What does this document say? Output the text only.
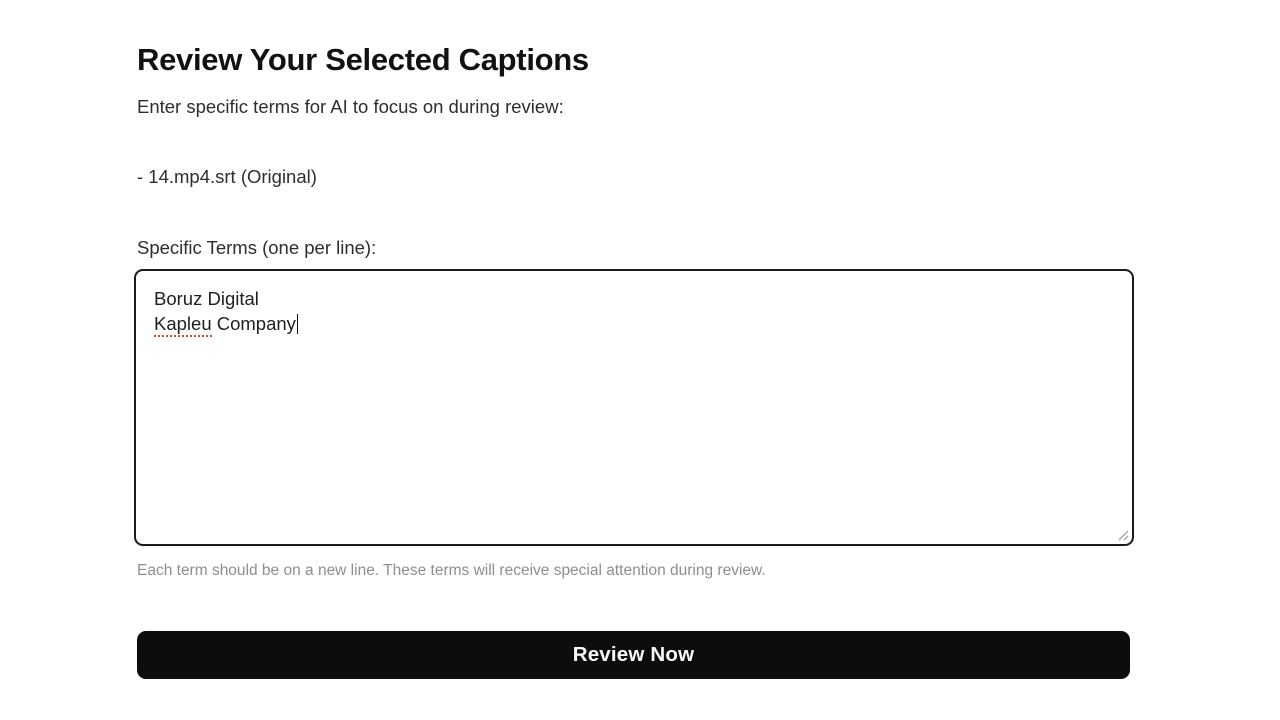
Review Your Selected Captions

Enter specific terms for AI to focus on during review:

- 14.mp4.srt (Original)

Specific Terms (one per line):
Boruz Digital
Kapleu Company

Each term should be on a new line. These terms will receive special attention during review.

Review Now
